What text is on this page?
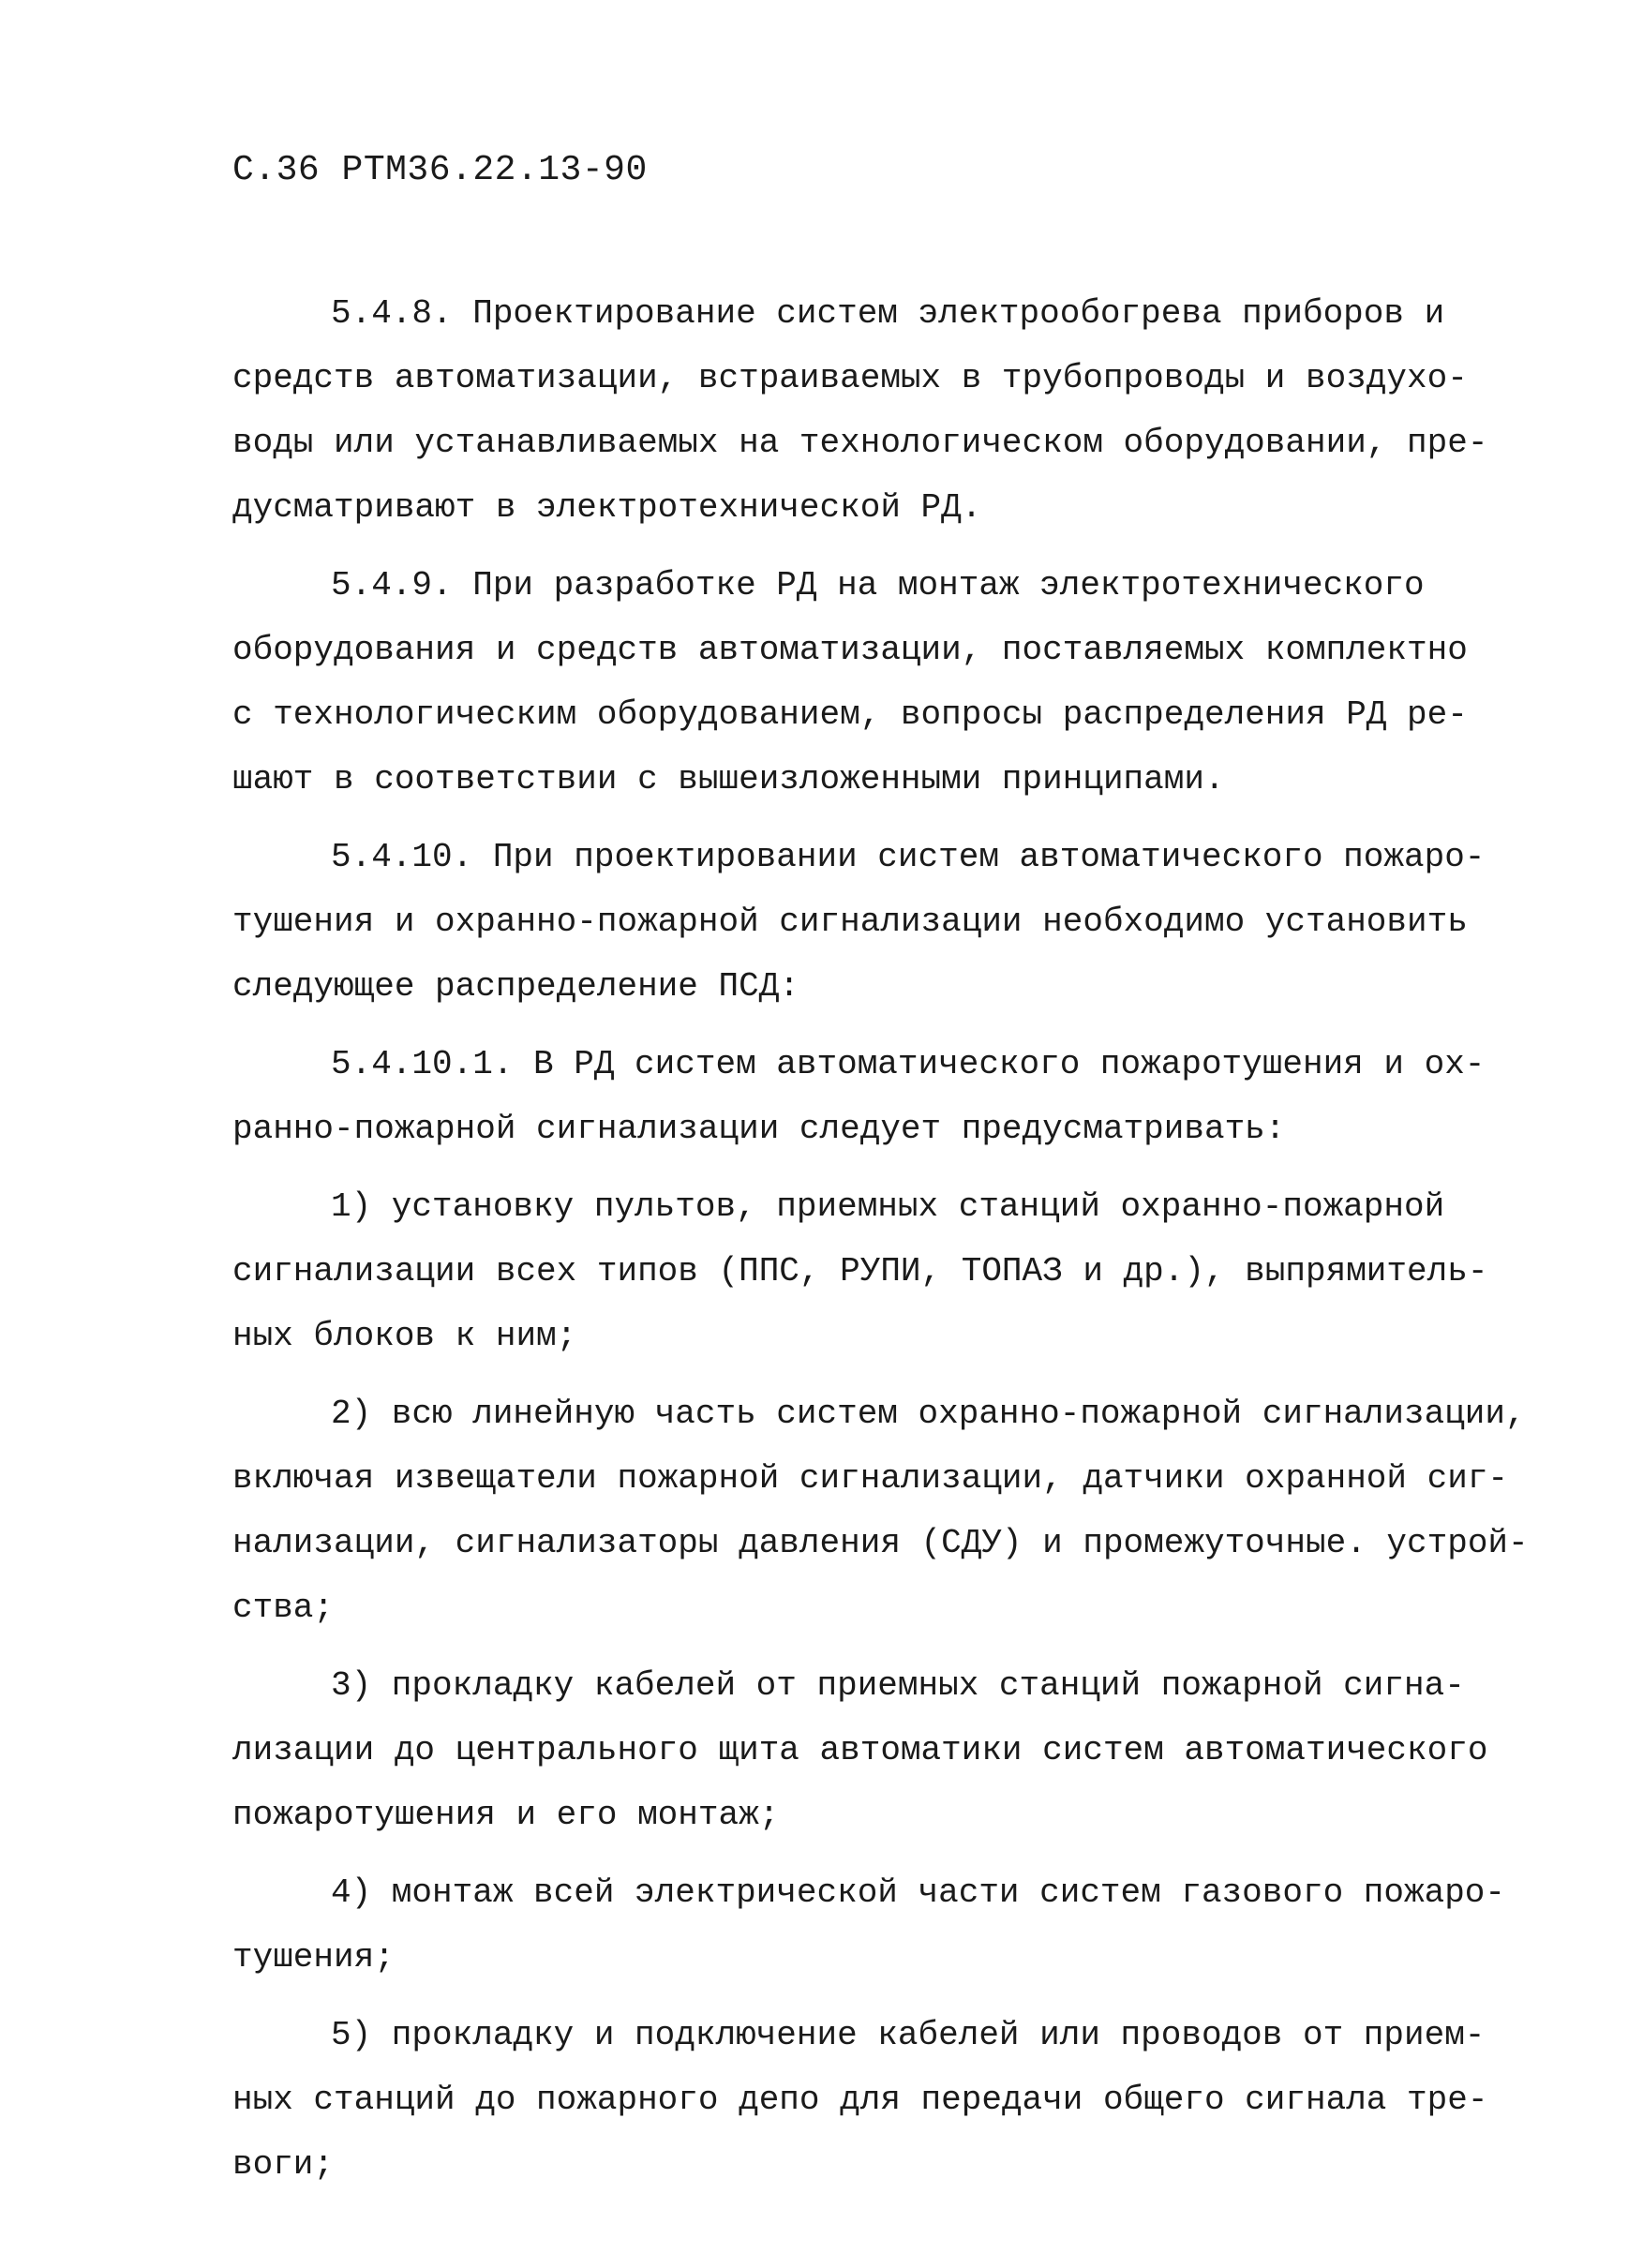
С.36 РТМ36.22.13-90
5.4.8. Проектирование систем электрообогрева приборов и
средств автоматизации, встраиваемых в трубопроводы и воздухо-
воды или устанавливаемых на технологическом оборудовании, пре-
дусматривают в электротехнической РД.
5.4.9. При разработке РД на монтаж электротехнического
оборудования и средств автоматизации, поставляемых комплектно
с технологическим оборудованием, вопросы распределения РД ре-
шают в соответствии с вышеизложенными принципами.
5.4.10. При проектировании систем автоматического пожаро-
тушения и охранно-пожарной сигнализации необходимо установить
следующее распределение ПСД:
5.4.10.1. В РД систем автоматического пожаротушения и ох-
ранно-пожарной сигнализации следует предусматривать:
1) установку пультов, приемных станций охранно-пожарной
сигнализации всех типов (ППС, РУПИ, ТОПАЗ и др.), выпрямитель-
ных блоков к ним;
2) всю линейную часть систем охранно-пожарной сигнализации,
включая извещатели пожарной сигнализации, датчики охранной сиг-
нализации, сигнализаторы давления (СДУ) и промежуточные. устрой-
ства;
3) прокладку кабелей от приемных станций пожарной сигна-
лизации до центрального щита автоматики систем автоматического
пожаротушения и его монтаж;
4) монтаж всей электрической части систем газового пожаро-
тушения;
5) прокладку и подключение кабелей или проводов от прием-
ных станций до пожарного депо для передачи общего сигнала тре-
воги;
